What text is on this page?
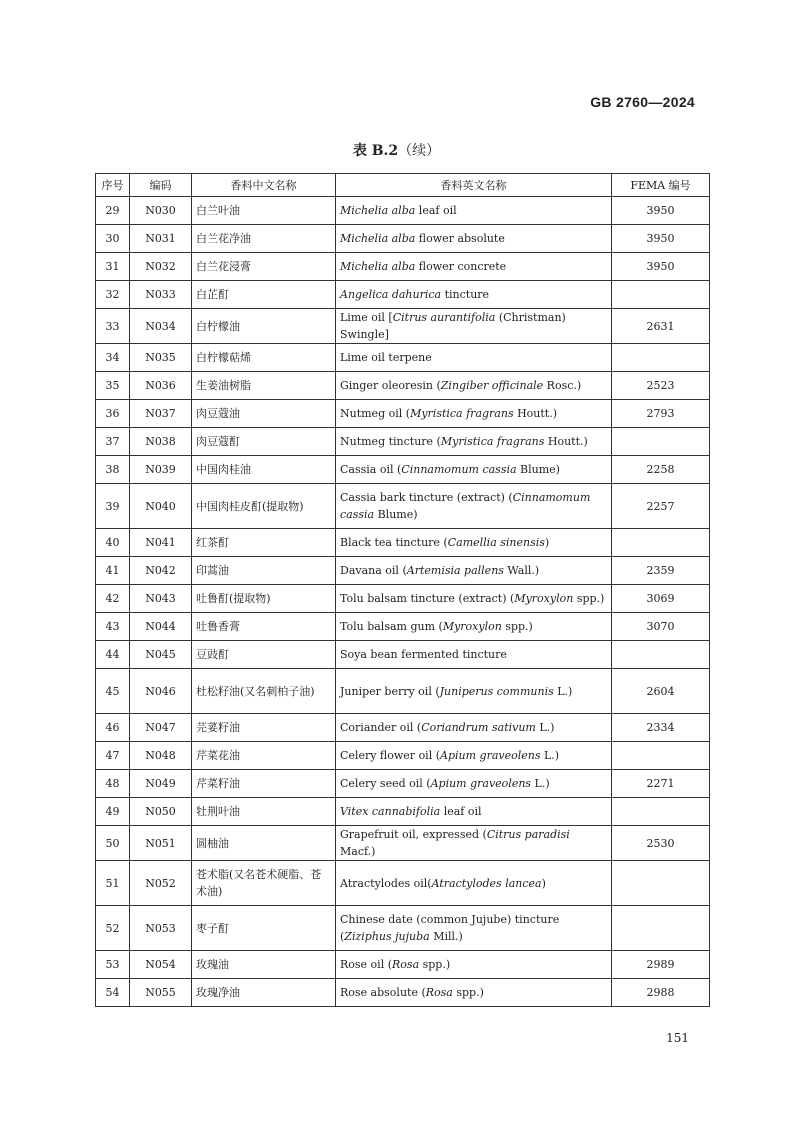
GB 2760—2024
表 B.2（续）
序号	编码	香料中文名称	香料英文名称	FEMA 编号
29	N030	白兰叶油	Michelia alba leaf oil	3950
30	N031	白兰花净油	Michelia alba flower absolute	3950
31	N032	白兰花浸膏	Michelia alba flower concrete	3950
32	N033	白芷酊	Angelica dahurica tincture	
33	N034	白柠檬油	Lime oil [Citrus aurantifolia (Christman) Swingle]	2631
34	N035	白柠檬萜烯	Lime oil terpene	
35	N036	生姜油树脂	Ginger oleoresin (Zingiber officinale Rosc.)	2523
36	N037	肉豆蔻油	Nutmeg oil (Myristica fragrans Houtt.)	2793
37	N038	肉豆蔻酊	Nutmeg tincture (Myristica fragrans Houtt.)	
38	N039	中国肉桂油	Cassia oil (Cinnamomum cassia Blume)	2258
39	N040	中国肉桂皮酊(提取物)	Cassia bark tincture (extract) (Cinnamomum cassia Blume)	2257
40	N041	红茶酊	Black tea tincture (Camellia sinensis)	
41	N042	印蒿油	Davana oil (Artemisia pallens Wall.)	2359
42	N043	吐鲁酊(提取物)	Tolu balsam tincture (extract) (Myroxylon spp.)	3069
43	N044	吐鲁香膏	Tolu balsam gum (Myroxylon spp.)	3070
44	N045	豆豉酊	Soya bean fermented tincture	
45	N046	杜松籽油(又名刺柏子油)	Juniper berry oil (Juniperus communis L.)	2604
46	N047	芫荽籽油	Coriander oil (Coriandrum sativum L.)	2334
47	N048	芹菜花油	Celery flower oil (Apium graveolens L.)	
48	N049	芹菜籽油	Celery seed oil (Apium graveolens L.)	2271
49	N050	牡荆叶油	Vitex cannabifolia leaf oil	
50	N051	圆柚油	Grapefruit oil, expressed (Citrus paradisi Macf.)	2530
51	N052	苍术脂(又名苍术硬脂、苍术油)	Atractylodes oil(Atractylodes lancea)	
52	N053	枣子酊	Chinese date (common Jujube) tincture (Ziziphus jujuba Mill.)	
53	N054	玫瑰油	Rose oil (Rosa spp.)	2989
54	N055	玫瑰净油	Rose absolute (Rosa spp.)	2988
151
